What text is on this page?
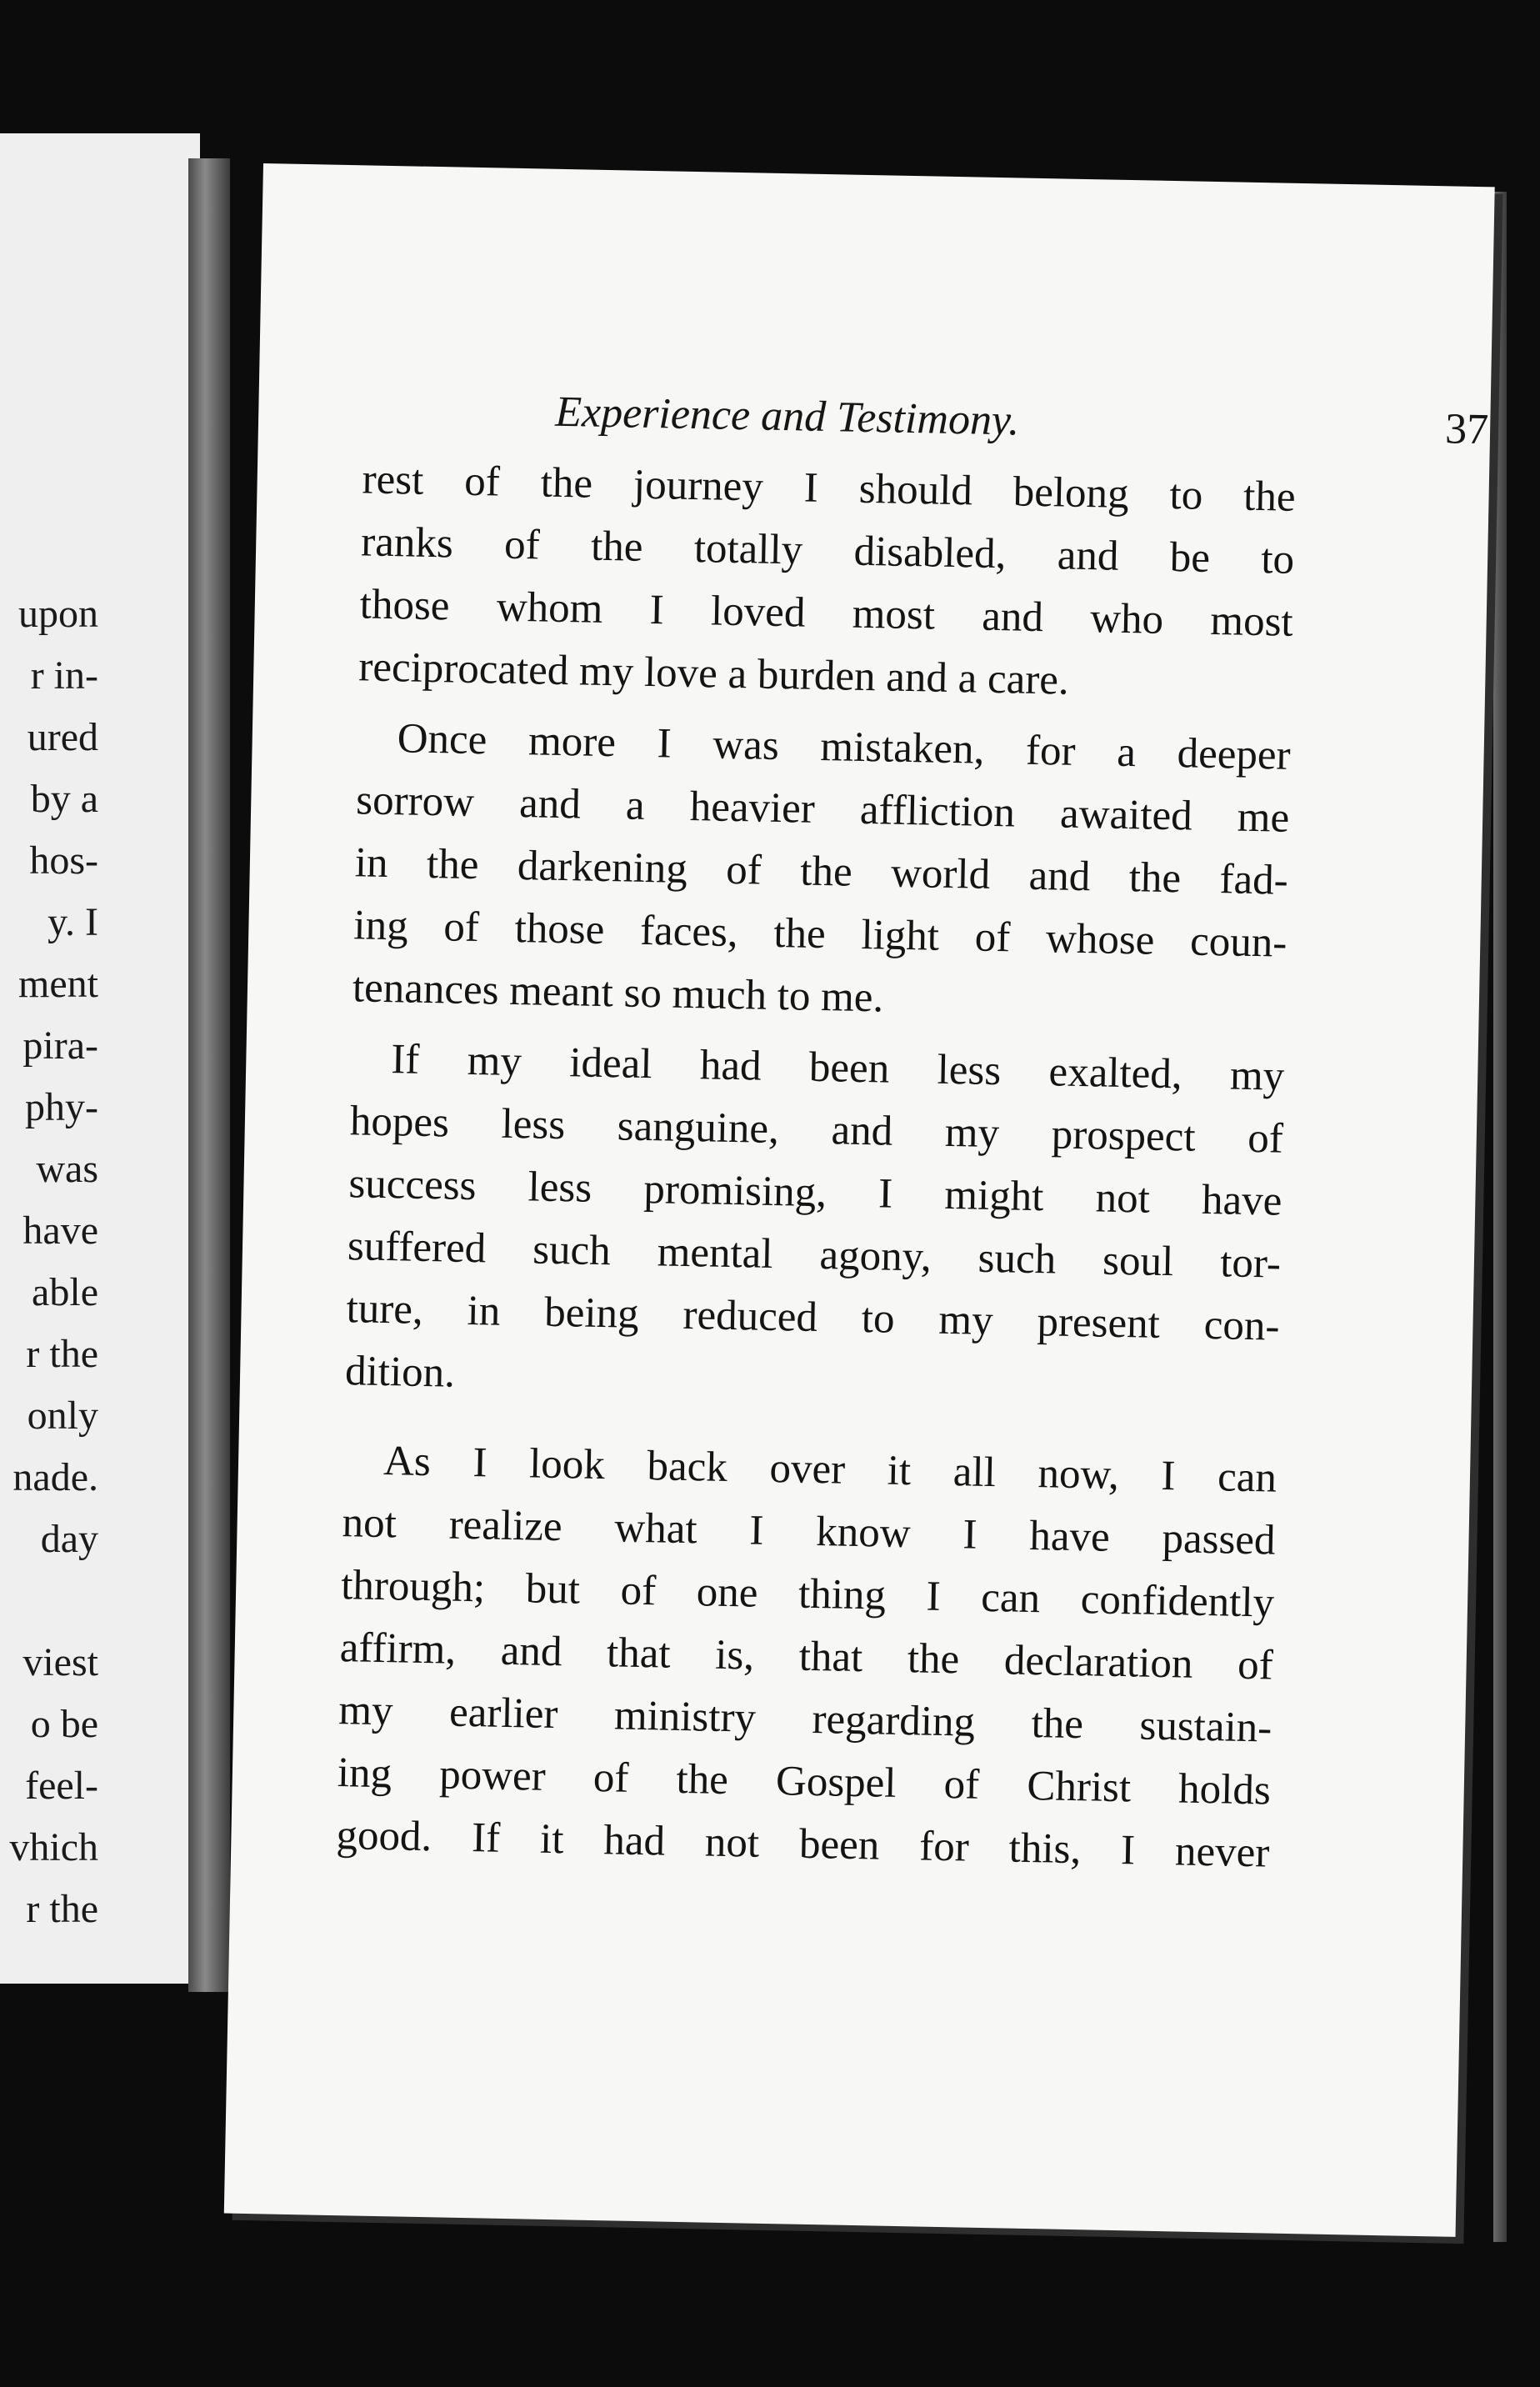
upon
r in-
ured
by a
hos-
y. I
ment
pira-
phy-
was
have
able
r the
only
nade.
day

viest
o be
feel-
vhich
r the
Experience and Testimony.	37
rest of the journey I should belong to the
ranks of the totally disabled, and be to
those whom I loved most and who most
reciprocated my love a burden and a care.
Once more I was mistaken, for a deeper
sorrow and a heavier affliction awaited me
in the darkening of the world and the fad-
ing of those faces, the light of whose coun-
tenances meant so much to me.
If my ideal had been less exalted, my
hopes less sanguine, and my prospect of
success less promising, I might not have
suffered such mental agony, such soul tor-
ture, in being reduced to my present con-
dition.
As I look back over it all now, I can
not realize what I know I have passed
through; but of one thing I can confidently
affirm, and that is, that the declaration of
my earlier ministry regarding the sustain-
ing power of the Gospel of Christ holds
good. If it had not been for this, I never
